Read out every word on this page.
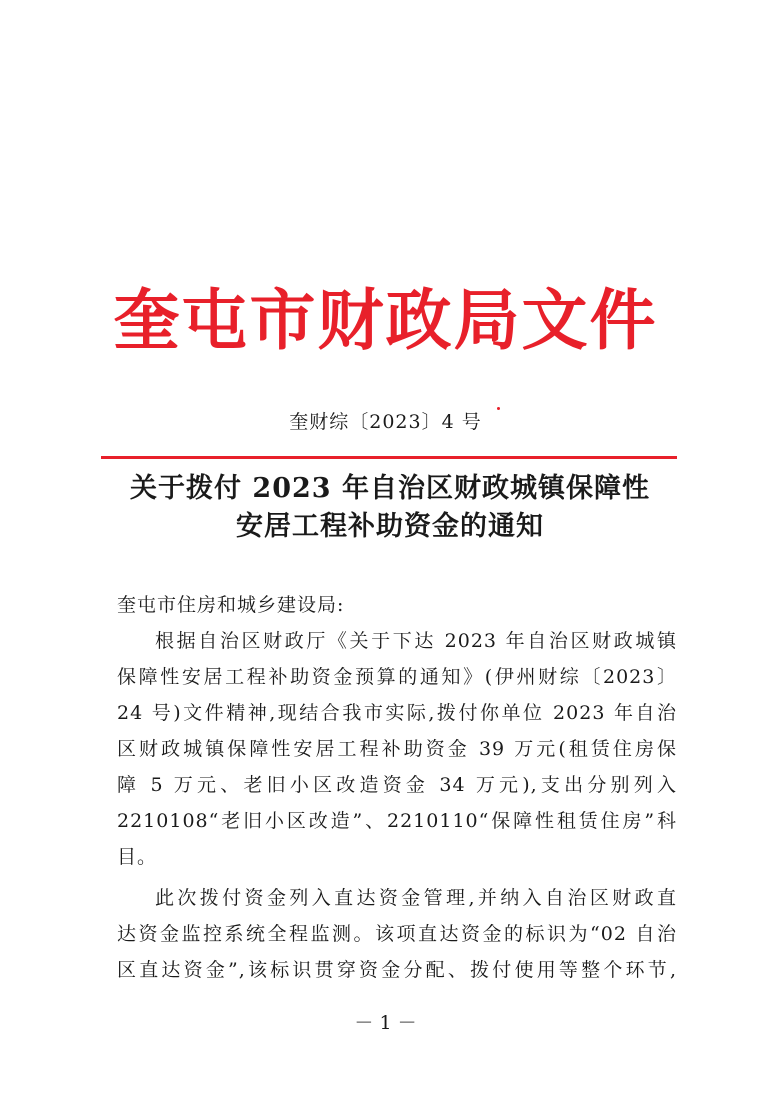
奎屯市财政局文件
奎财综〔2023〕4 号
关于拨付 2023 年自治区财政城镇保障性
安居工程补助资金的通知
奎屯市住房和城乡建设局:
根据自治区财政厅《关于下达 2023 年自治区财政城镇
保障性安居工程补助资金预算的通知》(伊州财综〔2023〕
24 号)文件精神,现结合我市实际,拨付你单位 2023 年自治
区财政城镇保障性安居工程补助资金 39 万元(租赁住房保
障 5 万元、老旧小区改造资金 34 万元),支出分别列入
2210108“老旧小区改造”、2210110“保障性租赁住房”科
目。
此次拨付资金列入直达资金管理,并纳入自治区财政直
达资金监控系统全程监测。该项直达资金的标识为“02 自治
区直达资金”,该标识贯穿资金分配、拨付使用等整个环节,
－ 1 －
